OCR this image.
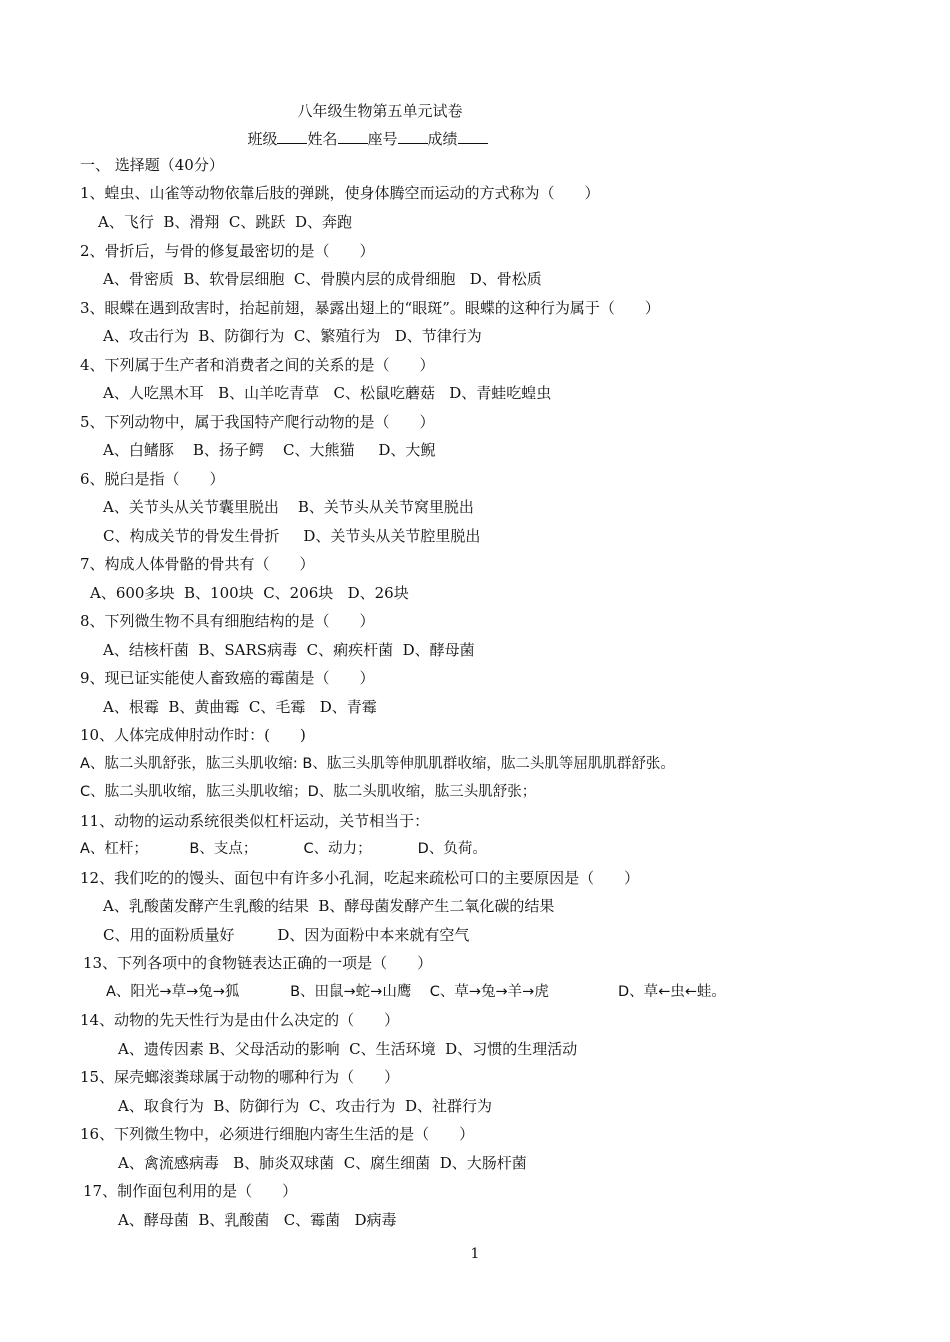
八年级生物第五单元试卷
班级 姓名 座号 成绩
一、 选择题（40分）
1、蝗虫、山雀等动物依靠后肢的弹跳，使身体腾空而运动的方式称为（　　）
A、飞行  B、滑翔  C、跳跃  D、奔跑
2、骨折后，与骨的修复最密切的是（　　）
A、骨密质  B、软骨层细胞  C、骨膜内层的成骨细胞   D、骨松质
3、眼蝶在遇到敌害时，抬起前翅，暴露出翅上的“眼斑”。眼蝶的这种行为属于（　　）
A、攻击行为  B、防御行为  C、繁殖行为   D、节律行为
4、下列属于生产者和消费者之间的关系的是（　　）
A、人吃黑木耳   B、山羊吃青草   C、松鼠吃蘑菇   D、青蛙吃蝗虫
5、下列动物中，属于我国特产爬行动物的是（　　）
A、白鳍豚    B、扬子鳄    C、大熊猫     D、大鲵
6、脱臼是指（　　）
A、关节头从关节囊里脱出    B、关节头从关节窝里脱出
C、构成关节的骨发生骨折     D、关节头从关节腔里脱出
7、构成人体骨骼的骨共有（　　）
A、600多块  B、100块  C、206块   D、26块
8、下列微生物不具有细胞结构的是（　　）
A、结核杆菌  B、SARS病毒  C、痢疾杆菌  D、酵母菌
9、现已证实能使人畜致癌的霉菌是（　　）
A、根霉  B、黄曲霉  C、毛霉   D、青霉
10、人体完成伸肘动作时：(　　)
A、肱二头肌舒张，肱三头肌收缩: B、肱三头肌等伸肌肌群收缩，肱二头肌等屈肌肌群舒张。
C、肱二头肌收缩，肱三头肌收缩；D、肱二头肌收缩，肱三头肌舒张；
11、动物的运动系统很类似杠杆运动，关节相当于：
A、杠杆；         B、支点；          C、动力；          D、负荷。
12、我们吃的的馒头、面包中有许多小孔洞，吃起来疏松可口的主要原因是（　　）
A、乳酸菌发酵产生乳酸的结果  B、酵母菌发酵产生二氧化碳的结果
C、用的面粉质量好         D、因为面粉中本来就有空气
13、下列各项中的食物链表达正确的一项是（　　）
A、阳光→草→兔→狐           B、田鼠→蛇→山鹰    C、草→兔→羊→虎               D、草←虫←蛙。
14、动物的先天性行为是由什么决定的（　　）
A、遗传因素 B、父母活动的影响  C、生活环境  D、习惯的生理活动
15、屎壳螂滚粪球属于动物的哪种行为（　　）
A、取食行为  B、防御行为  C、攻击行为  D、社群行为
16、下列微生物中，必须进行细胞内寄生生活的是（　　）
A、禽流感病毒   B、肺炎双球菌  C、腐生细菌  D、大肠杆菌
17、制作面包利用的是（　　）
A、酵母菌  B、乳酸菌   C、霉菌   D病毒
1
